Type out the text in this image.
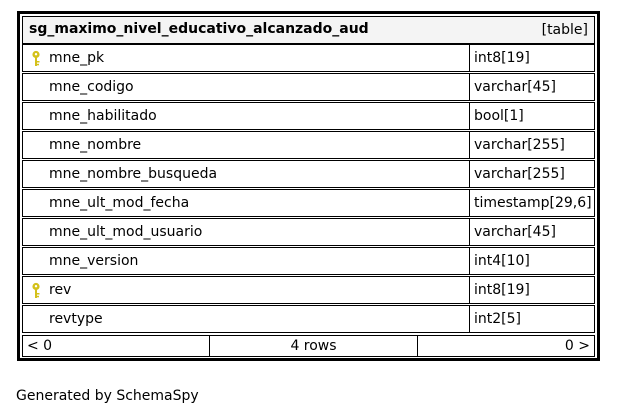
sg_maximo_nivel_educativo_alcanzado_aud	[table]
mne_pk	int8[19]
mne_codigo	varchar[45]
mne_habilitado	bool[1]
mne_nombre	varchar[255]
mne_nombre_busqueda	varchar[255]
mne_ult_mod_fecha	timestamp[29,6]
mne_ult_mod_usuario	varchar[45]
mne_version	int4[10]
rev	int8[19]
revtype	int2[5]
< 0	4 rows	0 >
Generated by SchemaSpy
